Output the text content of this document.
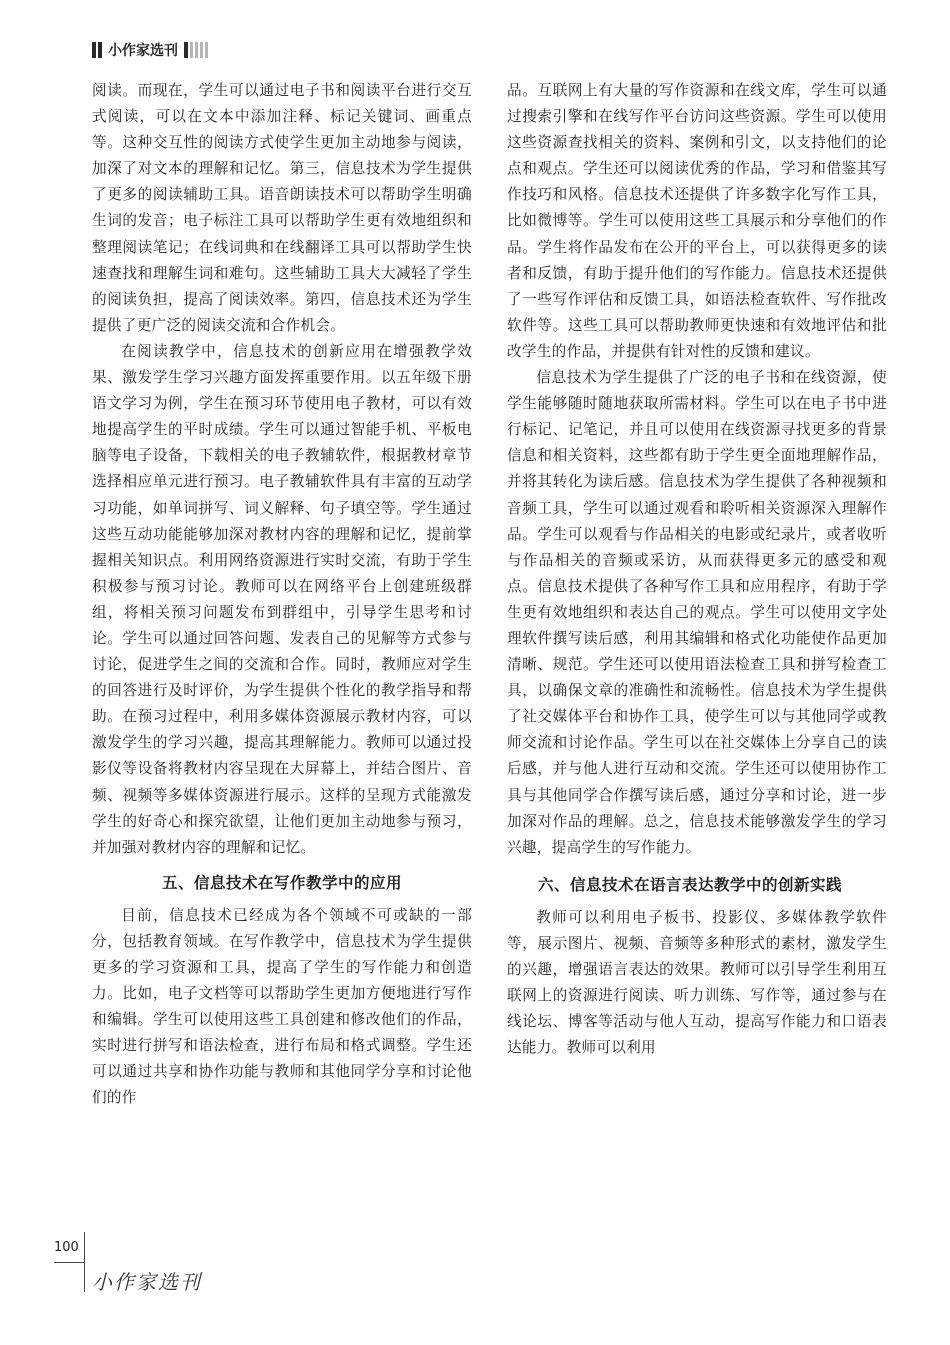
小作家选刊

阅读。而现在，学生可以通过电子书和阅读平台进行交互式阅读，可以在文本中添加注释、标记关键词、画重点等。这种交互性的阅读方式使学生更加主动地参与阅读，加深了对文本的理解和记忆。第三，信息技术为学生提供了更多的阅读辅助工具。语音朗读技术可以帮助学生明确生词的发音；电子标注工具可以帮助学生更有效地组织和整理阅读笔记；在线词典和在线翻译工具可以帮助学生快速查找和理解生词和难句。这些辅助工具大大减轻了学生的阅读负担，提高了阅读效率。第四，信息技术还为学生提供了更广泛的阅读交流和合作机会。

在阅读教学中，信息技术的创新应用在增强教学效果、激发学生学习兴趣方面发挥重要作用。以五年级下册语文学习为例，学生在预习环节使用电子教材，可以有效地提高学生的平时成绩。学生可以通过智能手机、平板电脑等电子设备，下载相关的电子教辅软件，根据教材章节选择相应单元进行预习。电子教辅软件具有丰富的互动学习功能，如单词拼写、词义解释、句子填空等。学生通过这些互动功能能够加深对教材内容的理解和记忆，提前掌握相关知识点。利用网络资源进行实时交流，有助于学生积极参与预习讨论。教师可以在网络平台上创建班级群组，将相关预习问题发布到群组中，引导学生思考和讨论。学生可以通过回答问题、发表自己的见解等方式参与讨论，促进学生之间的交流和合作。同时，教师应对学生的回答进行及时评价，为学生提供个性化的教学指导和帮助。在预习过程中，利用多媒体资源展示教材内容，可以激发学生的学习兴趣，提高其理解能力。教师可以通过投影仪等设备将教材内容呈现在大屏幕上，并结合图片、音频、视频等多媒体资源进行展示。这样的呈现方式能激发学生的好奇心和探究欲望，让他们更加主动地参与预习，并加强对教材内容的理解和记忆。

五、信息技术在写作教学中的应用

目前，信息技术已经成为各个领域不可或缺的一部分，包括教育领域。在写作教学中，信息技术为学生提供更多的学习资源和工具，提高了学生的写作能力和创造力。比如，电子文档等可以帮助学生更加方便地进行写作和编辑。学生可以使用这些工具创建和修改他们的作品，实时进行拼写和语法检查，进行布局和格式调整。学生还可以通过共享和协作功能与教师和其他同学分享和讨论他们的作

品。互联网上有大量的写作资源和在线文库，学生可以通过搜索引擎和在线写作平台访问这些资源。学生可以使用这些资源查找相关的资料、案例和引文，以支持他们的论点和观点。学生还可以阅读优秀的作品，学习和借鉴其写作技巧和风格。信息技术还提供了许多数字化写作工具，比如微博等。学生可以使用这些工具展示和分享他们的作品。学生将作品发布在公开的平台上，可以获得更多的读者和反馈，有助于提升他们的写作能力。信息技术还提供了一些写作评估和反馈工具，如语法检查软件、写作批改软件等。这些工具可以帮助教师更快速和有效地评估和批改学生的作品，并提供有针对性的反馈和建议。

信息技术为学生提供了广泛的电子书和在线资源，使学生能够随时随地获取所需材料。学生可以在电子书中进行标记、记笔记，并且可以使用在线资源寻找更多的背景信息和相关资料，这些都有助于学生更全面地理解作品，并将其转化为读后感。信息技术为学生提供了各种视频和音频工具，学生可以通过观看和聆听相关资源深入理解作品。学生可以观看与作品相关的电影或纪录片，或者收听与作品相关的音频或采访，从而获得更多元的感受和观点。信息技术提供了各种写作工具和应用程序，有助于学生更有效地组织和表达自己的观点。学生可以使用文字处理软件撰写读后感，利用其编辑和格式化功能使作品更加清晰、规范。学生还可以使用语法检查工具和拼写检查工具，以确保文章的准确性和流畅性。信息技术为学生提供了社交媒体平台和协作工具，使学生可以与其他同学或教师交流和讨论作品。学生可以在社交媒体上分享自己的读后感，并与他人进行互动和交流。学生还可以使用协作工具与其他同学合作撰写读后感，通过分享和讨论，进一步加深对作品的理解。总之，信息技术能够激发学生的学习兴趣，提高学生的写作能力。

六、信息技术在语言表达教学中的创新实践

教师可以利用电子板书、投影仪、多媒体教学软件等，展示图片、视频、音频等多种形式的素材，激发学生的兴趣，增强语言表达的效果。教师可以引导学生利用互联网上的资源进行阅读、听力训练、写作等，通过参与在线论坛、博客等活动与他人互动，提高写作能力和口语表达能力。教师可以利用

100
小作家选刊
